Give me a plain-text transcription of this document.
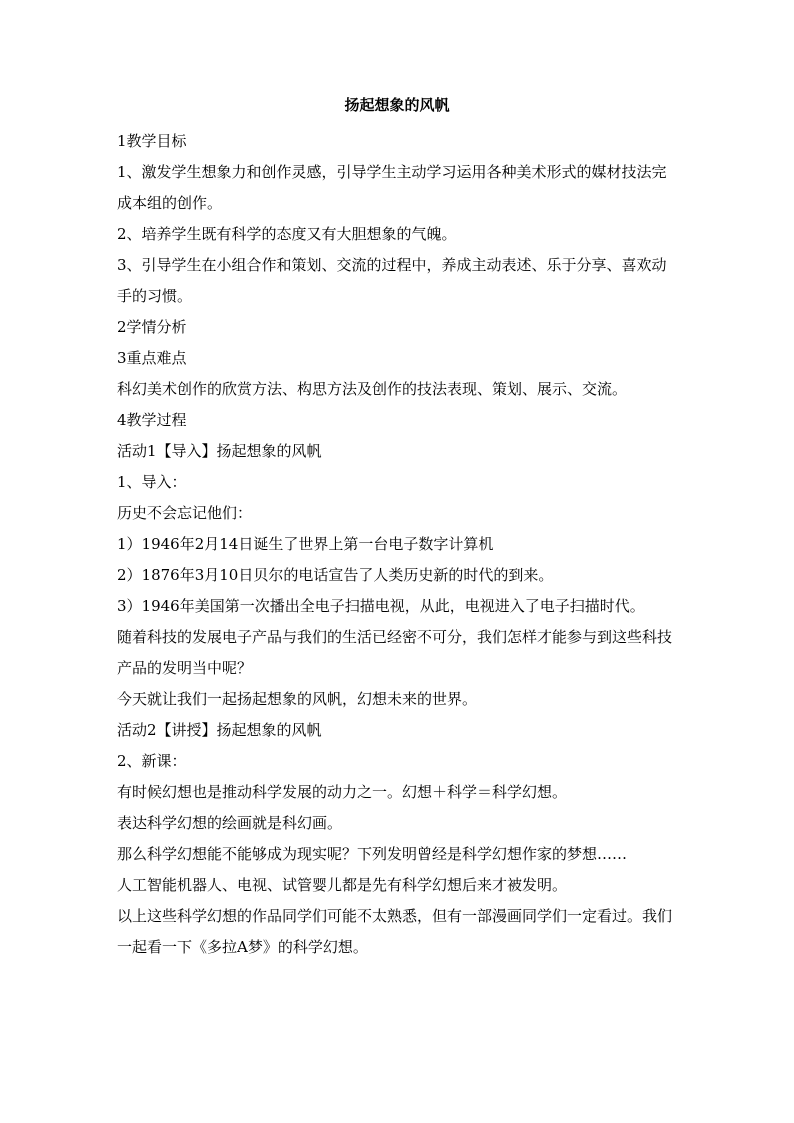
扬起想象的风帆

1教学目标

1、激发学生想象力和创作灵感，引导学生主动学习运用各种美术形式的媒材技法完成本组的创作。

2、培养学生既有科学的态度又有大胆想象的气魄。

3、引导学生在小组合作和策划、交流的过程中，养成主动表述、乐于分享、喜欢动手的习惯。

2学情分析

3重点难点

科幻美术创作的欣赏方法、构思方法及创作的技法表现、策划、展示、交流。

4教学过程

活动1【导入】扬起想象的风帆

1、导入：

历史不会忘记他们：

1）1946年2月14日诞生了世界上第一台电子数字计算机

2）1876年3月10日贝尔的电话宣告了人类历史新的时代的到来。

3）1946年美国第一次播出全电子扫描电视，从此，电视进入了电子扫描时代。

随着科技的发展电子产品与我们的生活已经密不可分，我们怎样才能参与到这些科技产品的发明当中呢？

今天就让我们一起扬起想象的风帆，幻想未来的世界。

活动2【讲授】扬起想象的风帆

2、新课：

有时候幻想也是推动科学发展的动力之一。幻想＋科学＝科学幻想。

表达科学幻想的绘画就是科幻画。

那么科学幻想能不能够成为现实呢？下列发明曾经是科学幻想作家的梦想……

人工智能机器人、电视、试管婴儿都是先有科学幻想后来才被发明。

以上这些科学幻想的作品同学们可能不太熟悉，但有一部漫画同学们一定看过。我们一起看一下《多拉A梦》的科学幻想。
